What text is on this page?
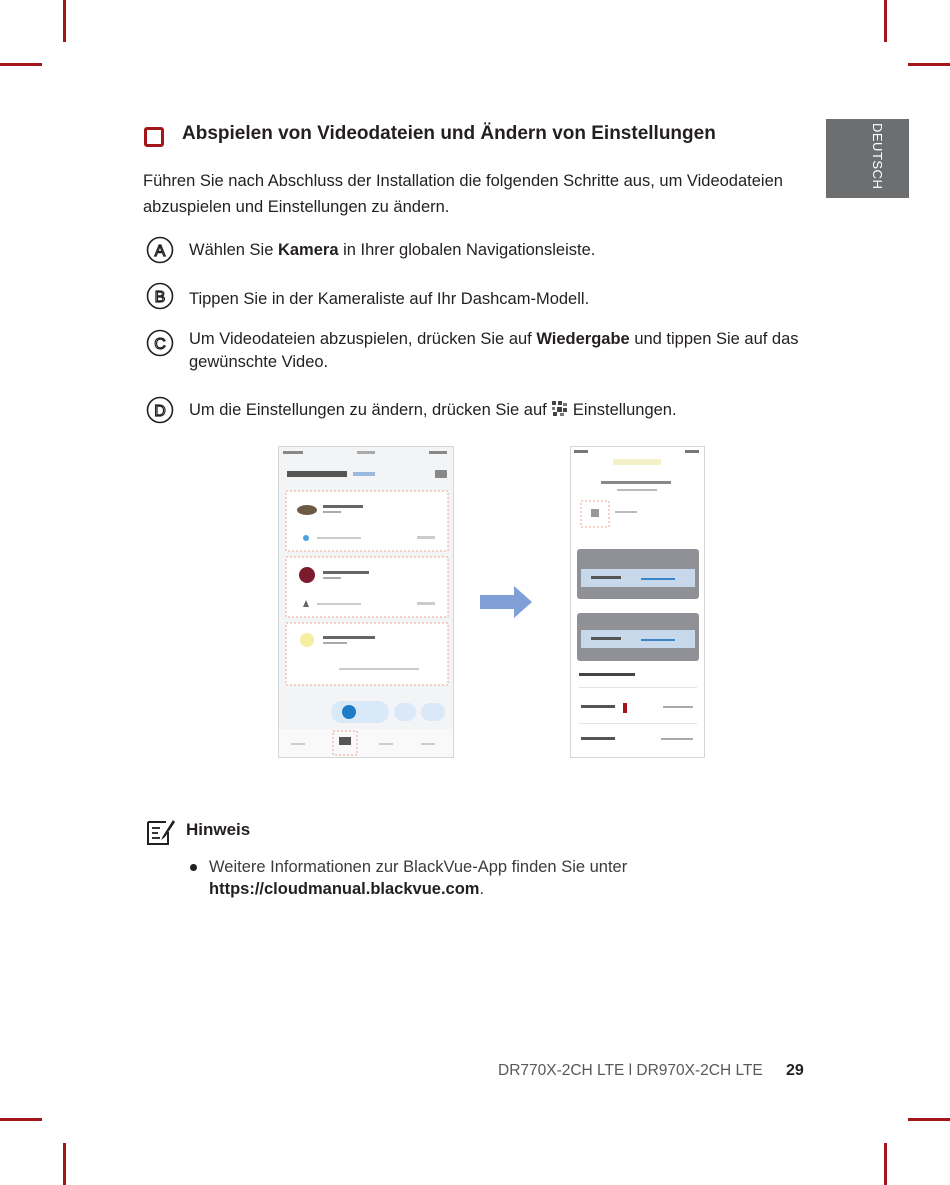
DEUTSCH
Abspielen von Videodateien und Ändern von Einstellungen
Führen Sie nach Abschluss der Installation die folgenden Schritte aus, um Videodateien abzuspielen und Einstellungen zu ändern.
A Wählen Sie Kamera in Ihrer globalen Navigationsleiste.
B Tippen Sie in der Kameraliste auf Ihr Dashcam-Modell.
C Um Videodateien abzuspielen, drücken Sie auf Wiedergabe und tippen Sie auf das gewünschte Video.
D Um die Einstellungen zu ändern, drücken Sie auf  Einstellungen.
Hinweis
Weitere Informationen zur BlackVue-App finden Sie unter
https://cloudmanual.blackvue.com.
DR770X-2CH LTE l DR970X-2CH LTE 29
